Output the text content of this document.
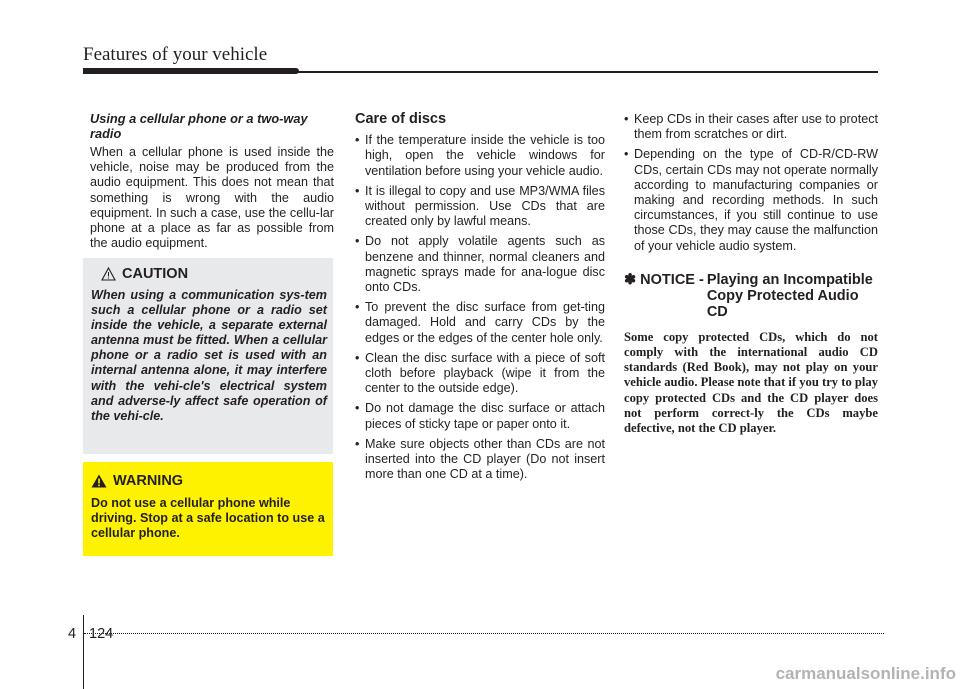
Features of your vehicle

Using a cellular phone or a two-way radio

When a cellular phone is used inside the vehicle, noise may be produced from the audio equipment. This does not mean that something is wrong with the audio equipment. In such a case, use the cellu-lar phone at a place as far as possible from the audio equipment.

CAUTION
When using a communication sys-tem such a cellular phone or a radio set inside the vehicle, a separate external antenna must be fitted. When a cellular phone or a radio set is used with an internal antenna alone, it may interfere with the vehi-cle's electrical system and adverse-ly affect safe operation of the vehi-cle.
WARNING
Do not use a cellular phone while driving. Stop at a safe location to use a cellular phone.

Care of discs

• If the temperature inside the vehicle is too high, open the vehicle windows for ventilation before using your vehicle audio.
• It is illegal to copy and use MP3/WMA files without permission. Use CDs that are created only by lawful means.
• Do not apply volatile agents such as benzene and thinner, normal cleaners and magnetic sprays made for ana-logue disc onto CDs.
• To prevent the disc surface from get-ting damaged. Hold and carry CDs by the edges or the edges of the center hole only.
• Clean the disc surface with a piece of soft cloth before playback (wipe it from the center to the outside edge).
• Do not damage the disc surface or attach pieces of sticky tape or paper onto it.
• Make sure objects other than CDs are not inserted into the CD player (Do not insert more than one CD at a time).
• Keep CDs in their cases after use to protect them from scratches or dirt.
• Depending on the type of CD-R/CD-RW CDs, certain CDs may not operate normally according to manufacturing companies or making and recording methods. In such circumstances, if you still continue to use those CDs, they may cause the malfunction of your vehicle audio system.
✽ NOTICE - Playing an Incompatible Copy Protected Audio CD
Some copy protected CDs, which do not comply with the international audio CD standards (Red Book), may not play on your vehicle audio. Please note that if you try to play copy protected CDs and the CD player does not perform correct-ly the CDs maybe defective, not the CD player.
4 124
carmanualsonline.info
